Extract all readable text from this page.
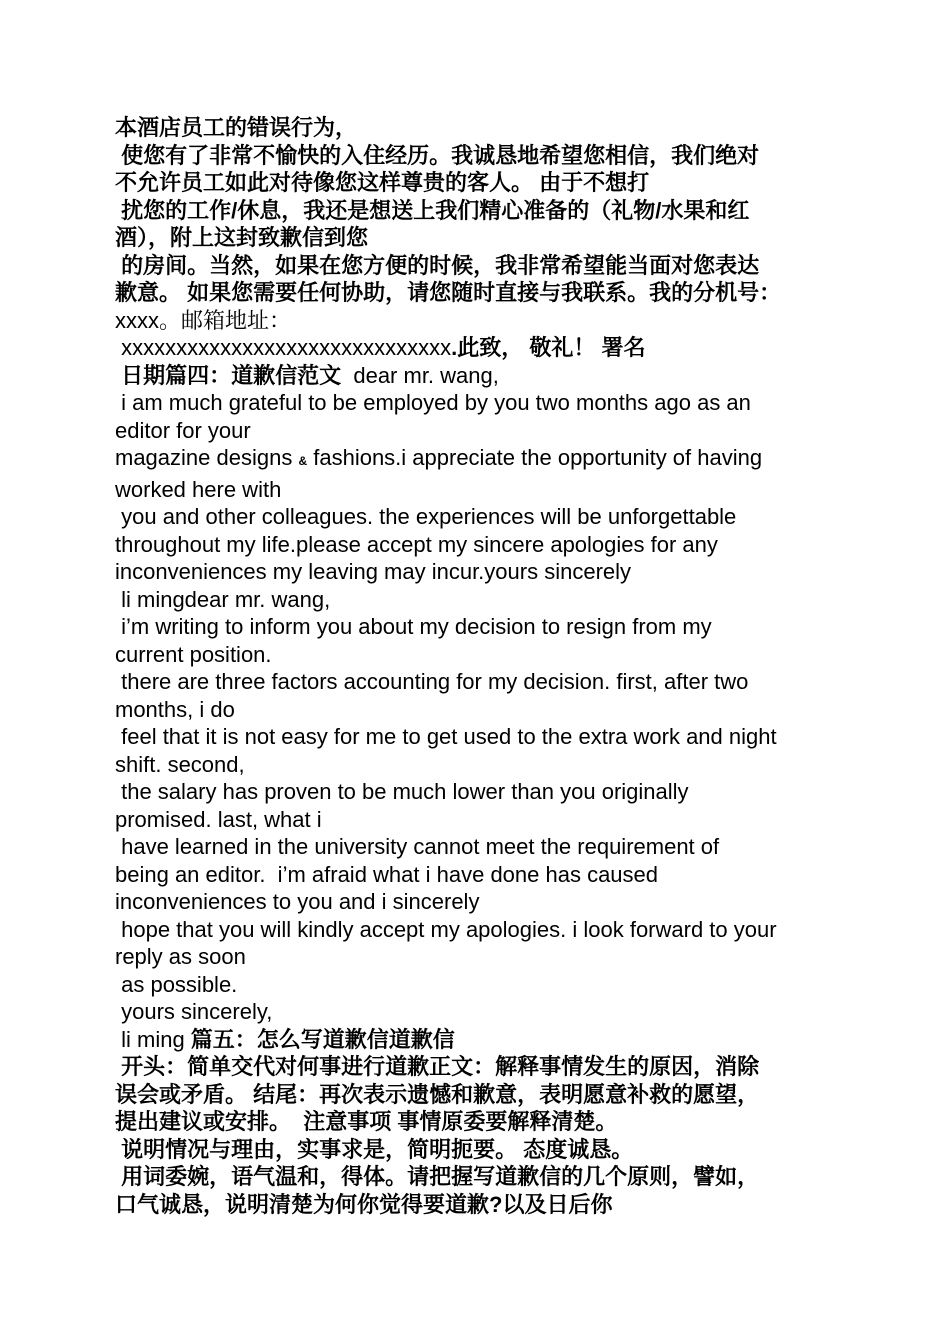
本酒店员工的错误行为，
使您有了非常不愉快的入住经历。我诚恳地希望您相信，我们绝对
不允许员工如此对待像您这样尊贵的客人。 由于不想打
扰您的工作/休息，我还是想送上我们精心准备的（礼物/水果和红
酒），附上这封致歉信到您
的房间。当然，如果在您方便的时候，我非常希望能当面对您表达
歉意。 如果您需要任何协助，请您随时直接与我联系。我的分机号：
xxxx。邮箱地址：
xxxxxxxxxxxxxxxxxxxxxxxxxxxxxx.此致， 敬礼！ 署名
日期篇四：道歉信范文  dear mr. wang,
i am much grateful to be employed by you two months ago as an
editor for your
magazine designs & fashions.i appreciate the opportunity of having
worked here with
you and other colleagues. the experiences will be unforgettable
throughout my life.please accept my sincere apologies for any
inconveniences my leaving may incur.yours sincerely
li mingdear mr. wang,
i’m writing to inform you about my decision to resign from my
current position.
there are three factors accounting for my decision. first, after two
months, i do
feel that it is not easy for me to get used to the extra work and night
shift. second,
the salary has proven to be much lower than you originally
promised. last, what i
have learned in the university cannot meet the requirement of
being an editor.  i’m afraid what i have done has caused
inconveniences to you and i sincerely
hope that you will kindly accept my apologies. i look forward to your
reply as soon
as possible.
yours sincerely,
li ming 篇五：怎么写道歉信道歉信
开头：简单交代对何事进行道歉正文：解释事情发生的原因，消除
误会或矛盾。 结尾：再次表示遗憾和歉意，表明愿意补救的愿望，
提出建议或安排。  注意事项 事情原委要解释清楚。
说明情况与理由，实事求是，简明扼要。 态度诚恳。
用词委婉，语气温和，得体。请把握写道歉信的几个原则，譬如，
口气诚恳，说明清楚为何你觉得要道歉?以及日后你
